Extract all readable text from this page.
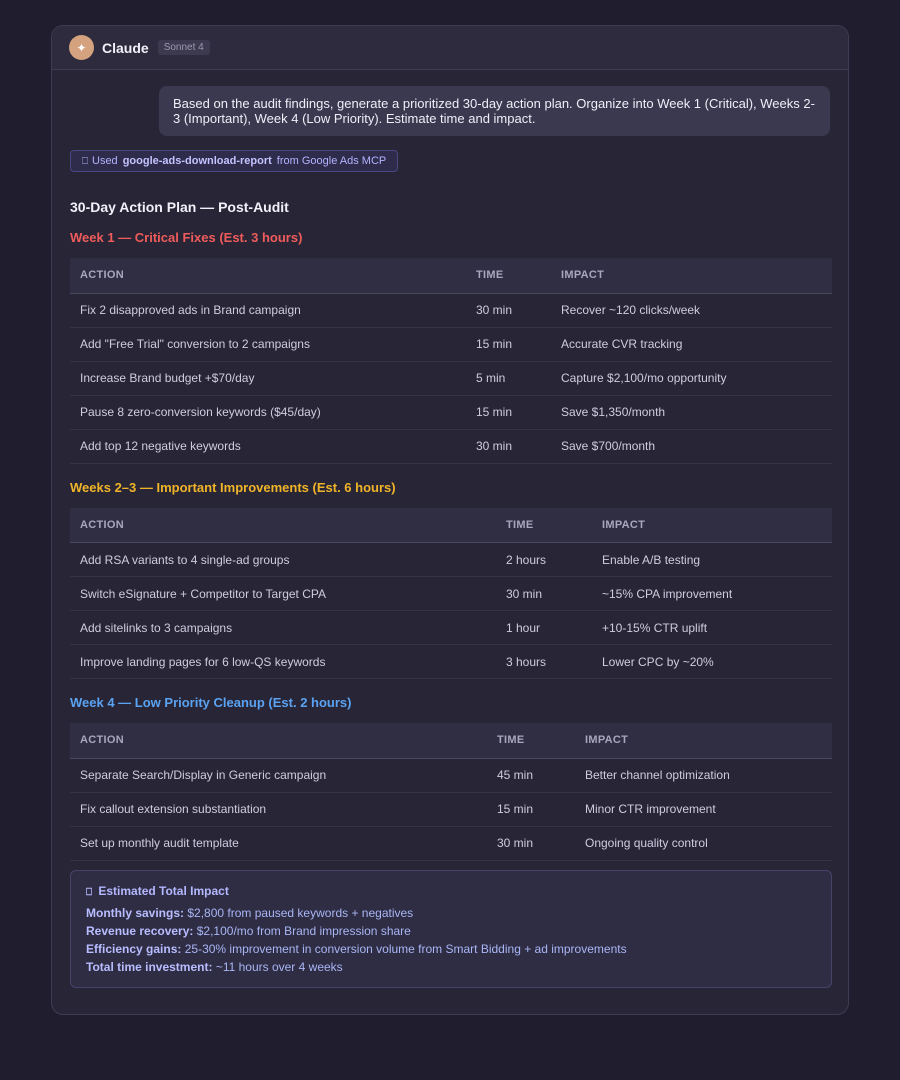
✦	Claude	Sonnet 4
Based on the audit findings, generate a prioritized 30-day action plan. Organize into Week 1 (Critical), Weeks 2-3 (Important), Week 4 (Low Priority). Estimate time and impact.
⎕ Used google-ads-download-report from Google Ads MCP
30-Day Action Plan — Post-Audit
Week 1 — Critical Fixes (Est. 3 hours)
ACTION	TIME	IMPACT
Fix 2 disapproved ads in Brand campaign	30 min	Recover ~120 clicks/week
Add "Free Trial" conversion to 2 campaigns	15 min	Accurate CVR tracking
Increase Brand budget +$70/day	5 min	Capture $2,100/mo opportunity
Pause 8 zero-conversion keywords ($45/day)	15 min	Save $1,350/month
Add top 12 negative keywords	30 min	Save $700/month
Weeks 2–3 — Important Improvements (Est. 6 hours)
ACTION	TIME	IMPACT
Add RSA variants to 4 single-ad groups	2 hours	Enable A/B testing
Switch eSignature + Competitor to Target CPA	30 min	~15% CPA improvement
Add sitelinks to 3 campaigns	1 hour	+10-15% CTR uplift
Improve landing pages for 6 low-QS keywords	3 hours	Lower CPC by ~20%
Week 4 — Low Priority Cleanup (Est. 2 hours)
ACTION	TIME	IMPACT
Separate Search/Display in Generic campaign	45 min	Better channel optimization
Fix callout extension substantiation	15 min	Minor CTR improvement
Set up monthly audit template	30 min	Ongoing quality control
⎕ Estimated Total Impact
Monthly savings: $2,800 from paused keywords + negatives
Revenue recovery: $2,100/mo from Brand impression share
Efficiency gains: 25-30% improvement in conversion volume from Smart Bidding + ad improvements
Total time investment: ~11 hours over 4 weeks
